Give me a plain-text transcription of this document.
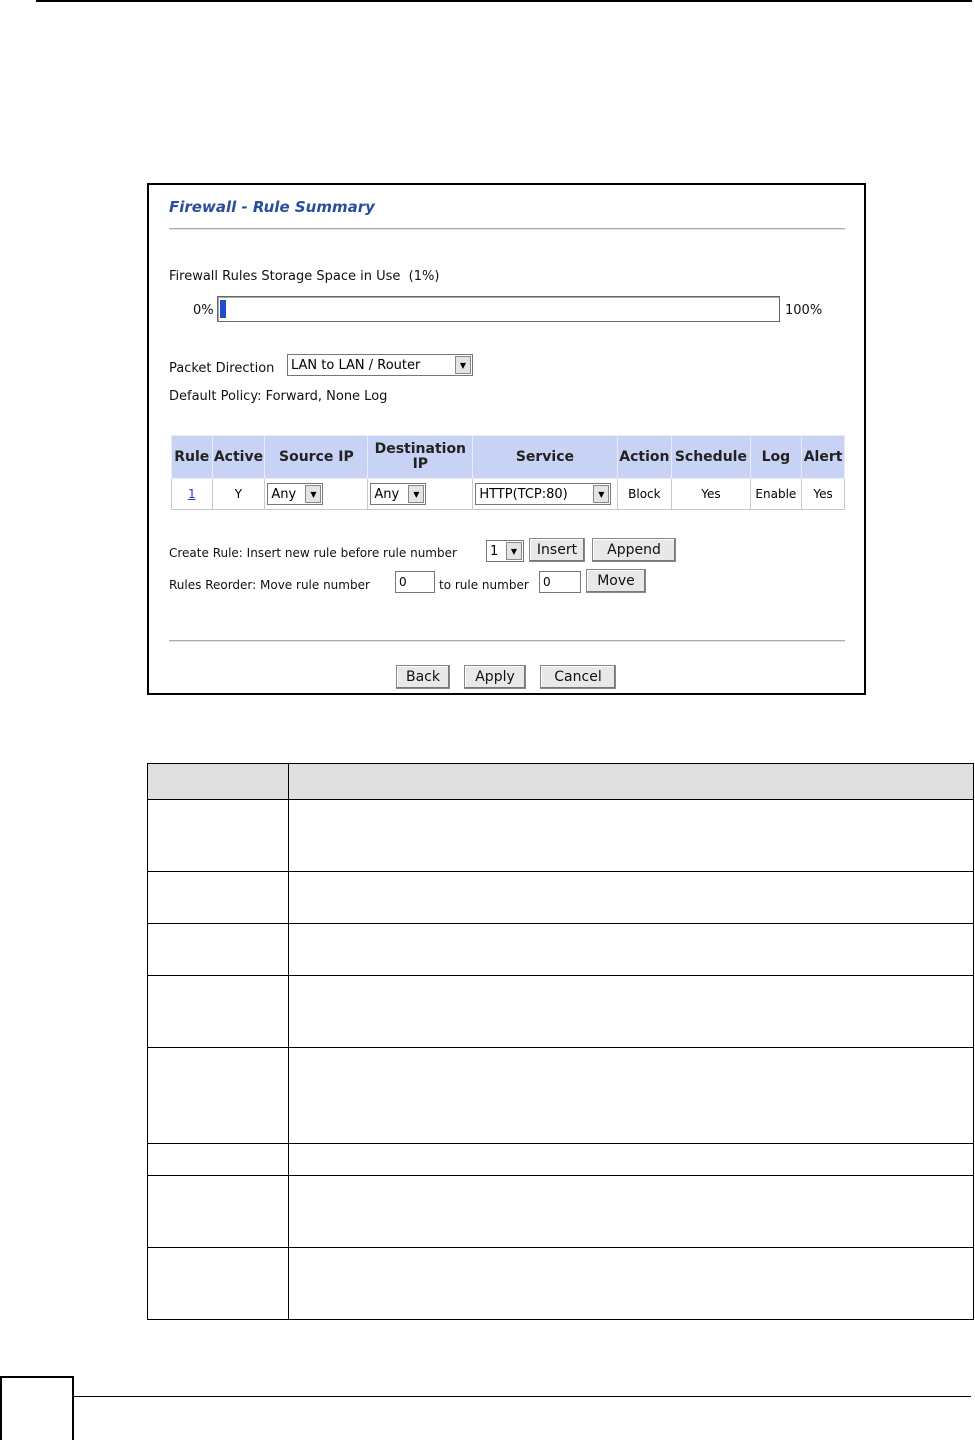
Firewall - Rule Summary
Firewall Rules Storage Space in Use (1%)
0%	100%
Packet Direction LAN to LAN / Router	▼
Default Policy: Forward, None Log
Rule	Active	Source IP	Destination IP	Service	Action	Schedule	Log	Alert
1	Y	Any ▼	Any ▼	HTTP(TCP:80) ▼	Block	Yes	Enable	Yes
Create Rule: Insert new rule before rule number	1	▼	Insert	Append
Rules Reorder: Move rule number	0	to rule number	0	Move
Back	Apply	Cancel
